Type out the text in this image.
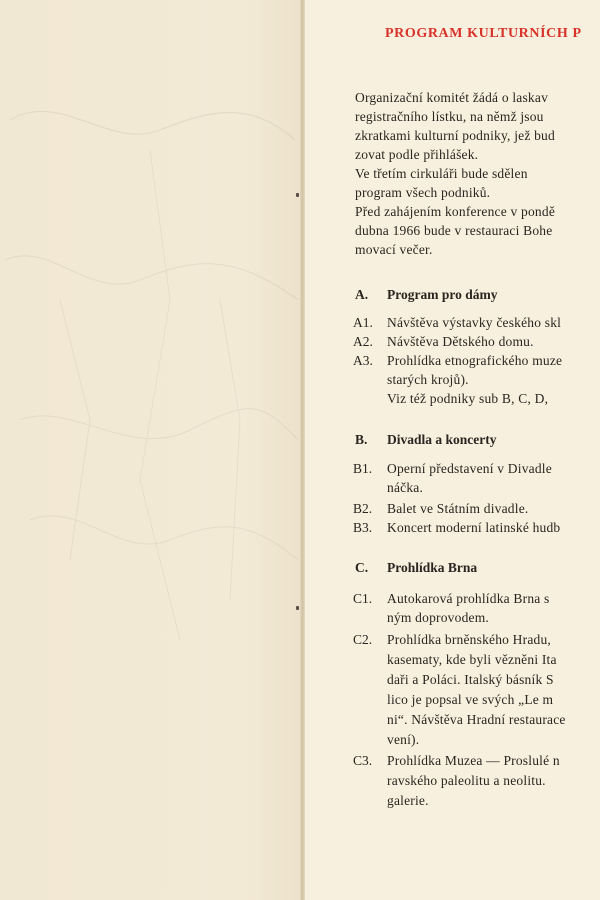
PROGRAM KULTURNÍCH P
Organizační komitét žádá o laskav
registračního lístku, na němž jsou
zkratkami kulturní podniky, jež bud
zovat podle přihlášek.
Ve třetím cirkuláři bude sdělen
program všech podniků.
Před zahájením konference v pondě
dubna 1966 bude v restauraci Bohe
movací večer.
A. Program pro dámy
A1. Návštěva výstavky českého skl
A2. Návštěva Dětského domu.
A3. Prohlídka etnografického muze
starých krojů).
Viz též podniky sub B, C, D,
B. Divadla a koncerty
B1. Operní představení v Divadle
náčka.
B2. Balet ve Státním divadle.
B3. Koncert moderní latinské hudb
C. Prohlídka Brna
C1. Autokarová prohlídka Brna s
ným doprovodem.
C2. Prohlídka brněnského Hradu,
kasematy, kde byli vězněni Ita
daři a Poláci. Italský básník S
lico je popsal ve svých „Le m
ni“. Návštěva Hradní restaurace
vení).
C3. Prohlídka Muzea — Proslulé n
ravského paleolitu a neolitu.
galerie.
